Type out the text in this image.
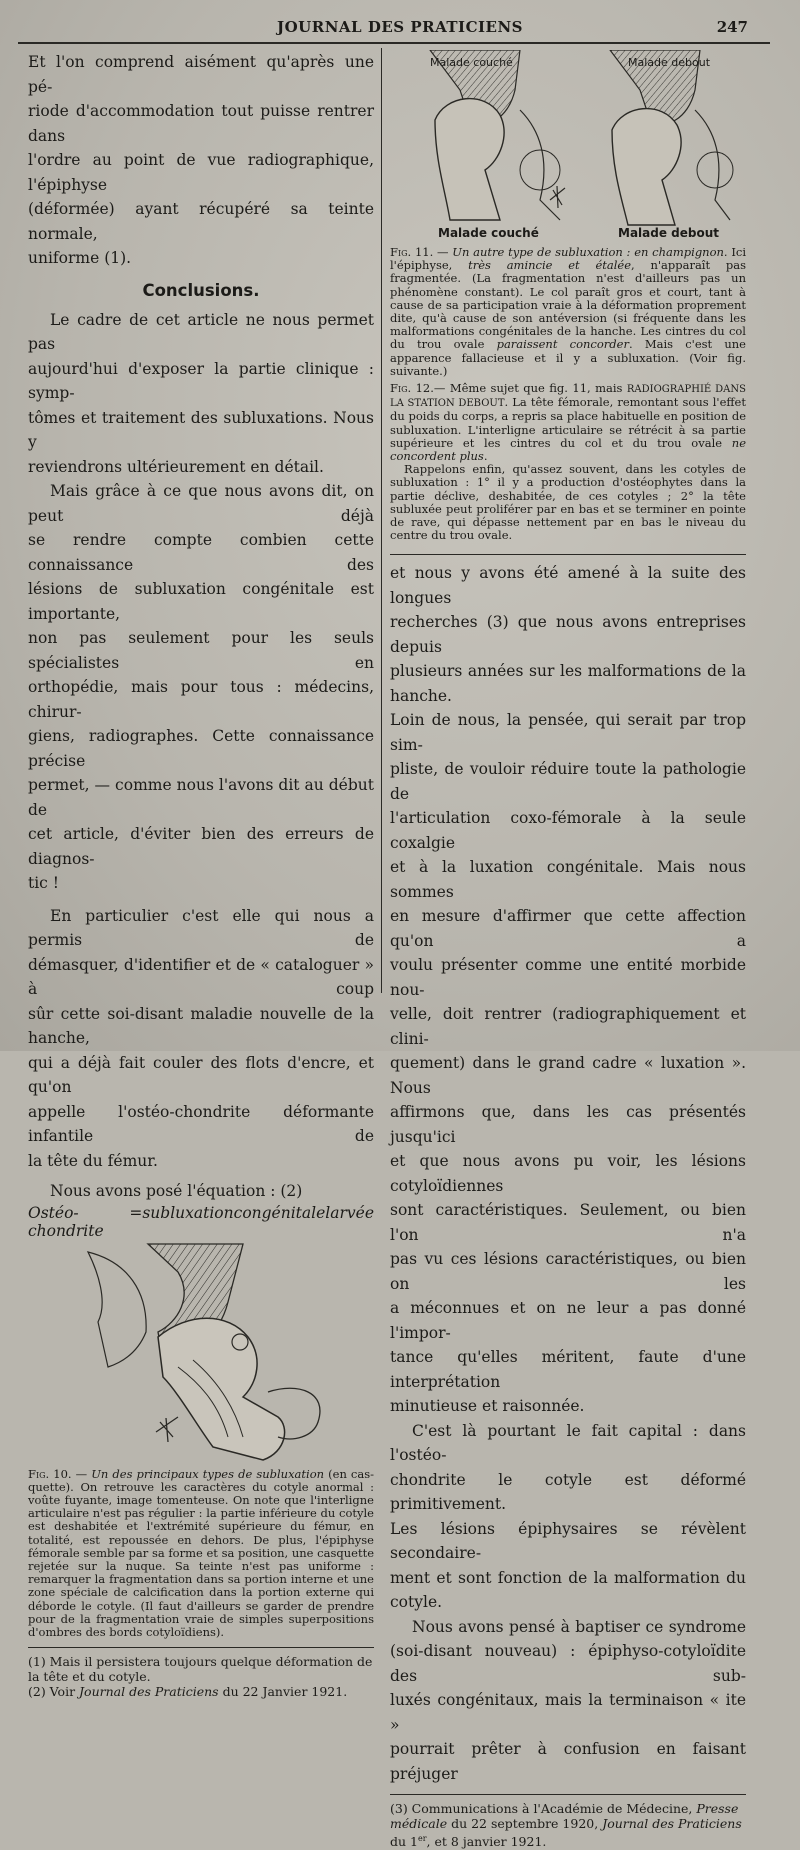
JOURNAL DES PRATICIENS	247
Et l'on comprend aisément qu'après une pé-
riode d'accommodation tout puisse rentrer dans
l'ordre au point de vue radiographique, l'épiphyse
(déformée) ayant récupéré sa teinte normale,
uniforme (1).
Conclusions.
Le cadre de cet article ne nous permet pas
aujourd'hui d'exposer la partie clinique : symp-
tômes et traitement des subluxations. Nous y
reviendrons ultérieurement en détail.
Mais grâce à ce que nous avons dit, on peut déjà
se rendre compte combien cette connaissance des
lésions de subluxation congénitale est importante,
non pas seulement pour les seuls spécialistes en
orthopédie, mais pour tous : médecins, chirur-
giens, radiographes. Cette connaissance précise
permet, — comme nous l'avons dit au début de
cet article, d'éviter bien des erreurs de diagnos-
tic !
En particulier c'est elle qui nous a permis de
démasquer, d'identifier et de « cataloguer » à coup
sûr cette soi-disant maladie nouvelle de la hanche,
qui a déjà fait couler des flots d'encre, et qu'on
appelle l'ostéo-chondrite déformante infantile de
la tête du fémur.

Nous avons posé l'équation : (2)

Ostéo-chondrite
= subluxation congénitale larvée

Fig. 10. — Un des principaux types de subluxation (en cas-quette). On retrouve les caractères du cotyle anormal : voûte fuyante, image tomenteuse. On note que l'interligne articulaire n'est pas régulier : la partie inférieure du cotyle est deshabitée et l'extrémité supérieure du fémur, en totalité, est repoussée en dehors. De plus, l'épiphyse fémorale semble par sa forme et sa position, une casquette rejetée sur la nuque. Sa teinte n'est pas uniforme : remarquer la fragmentation dans sa portion interne et une zone spéciale de calcification dans la portion externe qui déborde le cotyle. (Il faut d'ailleurs se garder de prendre pour de la fragmentation vraie de simples superpositions d'ombres des bords cotyloïdiens).

(1) Mais il persistera toujours quelque déformation de la tête et du cotyle.

(2) Voir Journal des Praticiens du 22 Janvier 1921.

Malade couché	Malade debout
Malade couché	Malade debout

Fig. 11. — Un autre type de subluxation : en champignon. Ici l'épiphyse, très amincie et étalée, n'apparaît pas fragmentée. (La fragmentation n'est d'ailleurs pas un phénomène constant). Le col paraît gros et court, tant à cause de sa participation vraie à la déformation proprement dite, qu'à cause de son antéversion (si fréquente dans les malformations congénitales de la hanche. Les cintres du col du trou ovale paraissent concorder. Mais c'est une apparence fallacieuse et il y a subluxation. (Voir fig. suivante.)

Fig. 12.— Même sujet que fig. 11, mais RADIOGRAPHIÉ DANS LA STATION DEBOUT. La tête fémorale, remontant sous l'effet du poids du corps, a repris sa place habituelle en position de subluxation. L'interligne articulaire se rétrécit à sa partie supérieure et les cintres du col et du trou ovale ne concordent plus.

Rappelons enfin, qu'assez souvent, dans les cotyles de subluxation : 1° il y a production d'ostéophytes dans la partie déclive, deshabitée, de ces cotyles ; 2° la tête subluxée peut proliférer par en bas et se terminer en pointe de rave, qui dépasse nettement par en bas le niveau du centre du trou ovale.

et nous y avons été amené à la suite des longues
recherches (3) que nous avons entreprises depuis
plusieurs années sur les malformations de la hanche.
Loin de nous, la pensée, qui serait par trop sim-
pliste, de vouloir réduire toute la pathologie de
l'articulation coxo-fémorale à la seule coxalgie
et à la luxation congénitale. Mais nous sommes
en mesure d'affirmer que cette affection qu'on a
voulu présenter comme une entité morbide nou-
velle, doit rentrer (radiographiquement et clini-
quement) dans le grand cadre « luxation ». Nous
affirmons que, dans les cas présentés jusqu'ici
et que nous avons pu voir, les lésions cotyloïdiennes
sont caractéristiques. Seulement, ou bien l'on n'a
pas vu ces lésions caractéristiques, ou bien on les
a méconnues et on ne leur a pas donné l'impor-
tance qu'elles méritent, faute d'une interprétation
minutieuse et raisonnée.
C'est là pourtant le fait capital : dans l'ostéo-
chondrite le cotyle est déformé primitivement.
Les lésions épiphysaires se révèlent secondaire-
ment et sont fonction de la malformation du
cotyle.
Nous avons pensé à baptiser ce syndrome
(soi-disant nouveau) : épiphyso-cotyloïdite des sub-
luxés congénitaux, mais la terminaison « ite »
pourrait prêter à confusion en faisant préjuger

(3) Communications à l'Académie de Médecine, Presse médicale du 22 septembre 1920, Journal des Praticiens du 1er, et 8 janvier 1921.
